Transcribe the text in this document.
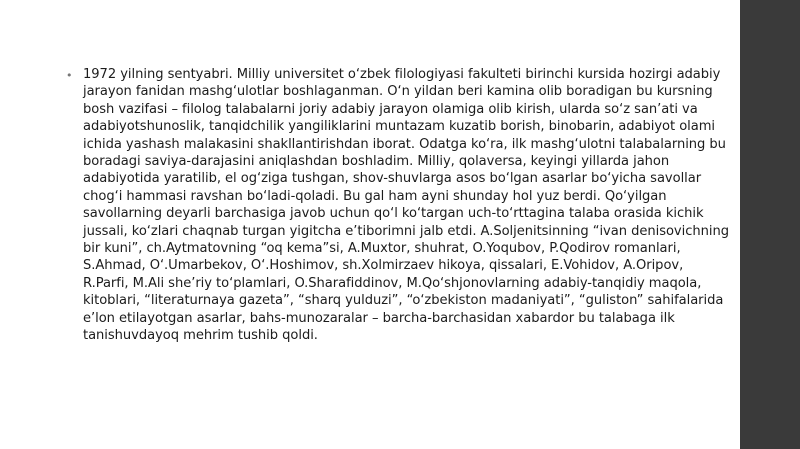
• 1972 yilning sentyabri. Milliy universitet o‘zbek filologiyasi fakulteti birinchi kursida hozirgi adabiy jarayon fanidan mashg‘ulotlar boshlaganman. O‘n yildan beri kamina olib boradigan bu kursning bosh vazifasi – filolog talabalarni joriy adabiy jarayon olamiga olib kirish, ularda so‘z san’ati va adabiyotshunoslik, tanqidchilik yangiliklarini muntazam kuzatib borish, binobarin, adabiyot olami ichida yashash malakasini shakllantirishdan iborat. Odatga ko‘ra, ilk mashg‘ulotni talabalarning bu boradagi saviya-darajasini aniqlashdan boshladim. Milliy, qolaversa, keyingi yillarda jahon adabiyotida yaratilib, el og‘ziga tushgan, shov-shuvlarga asos bo‘lgan asarlar bo‘yicha savollar chog‘i hammasi ravshan bo‘ladi-qoladi. Bu gal ham ayni shunday hol yuz berdi. Qo‘yilgan savollarning deyarli barchasiga javob uchun qo‘l ko‘targan uch-to‘rttagina talaba orasida kichik jussali, ko‘zlari chaqnab turgan yigitcha e’tiborimni jalb etdi. A.Soljenitsinning “ivan denisovichning bir kuni”, ch.Aytmatovning “oq kema”si, A.Muxtor, shuhrat, O.Yoqubov, P.Qodirov romanlari, S.Ahmad, O‘.Umarbekov, O‘.Hoshimov, sh.Xolmirzaev hikoya, qissalari, E.Vohidov, A.Oripov, R.Parfi, M.Ali she’riy to‘plamlari, O.Sharafiddinov, M.Qo‘shjonovlarning adabiy-tanqidiy maqola, kitoblari, “literaturnaya gazeta”, “sharq yulduzi”, “o‘zbekiston madaniyati”, “guliston” sahifalarida e’lon etilayotgan asarlar, bahs-munozaralar – barcha-barchasidan xabardor bu talabaga ilk tanishuvdayoq mehrim tushib qoldi.
